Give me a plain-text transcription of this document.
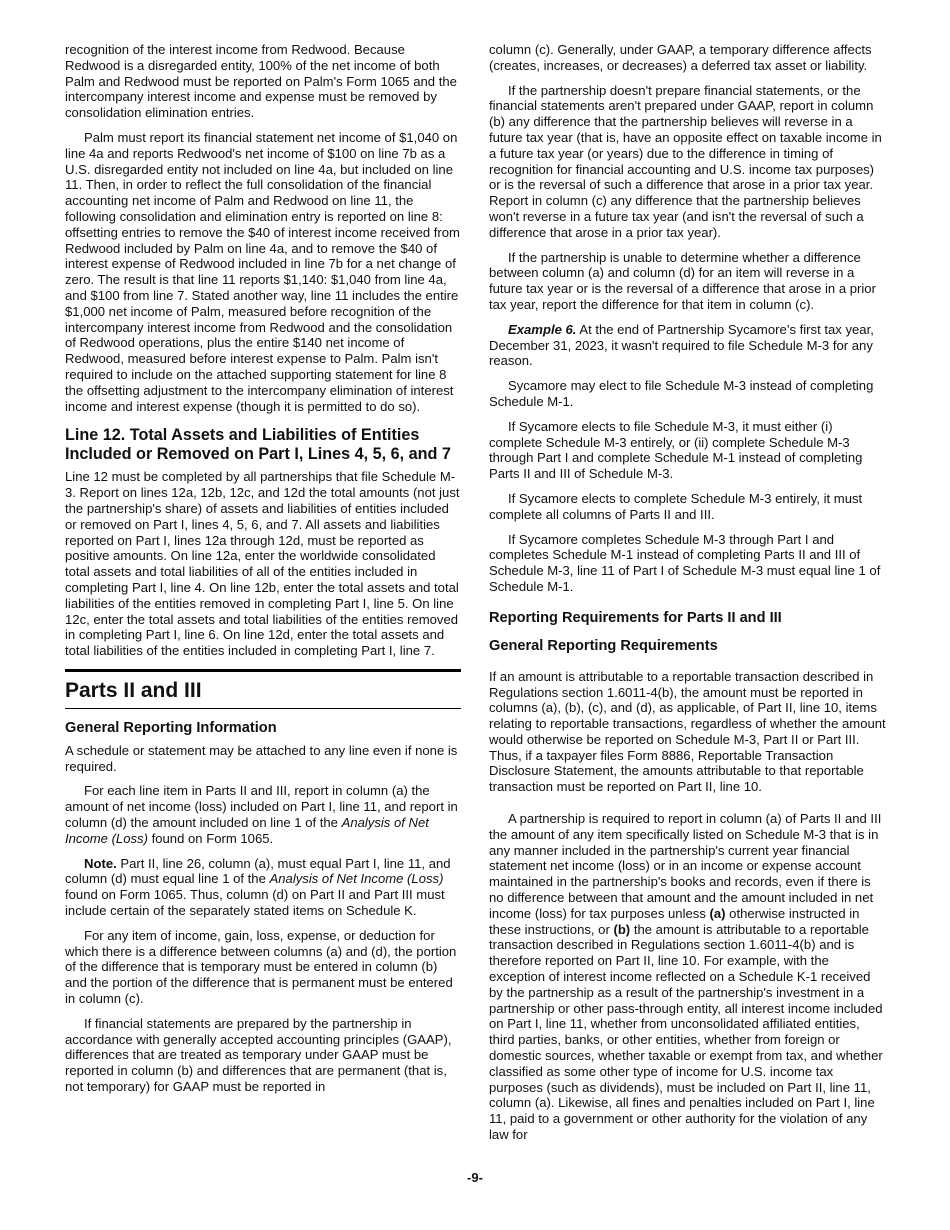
recognition of the interest income from Redwood. Because Redwood is a disregarded entity, 100% of the net income of both Palm and Redwood must be reported on Palm's Form 1065 and the intercompany interest income and expense must be removed by consolidation elimination entries.

Palm must report its financial statement net income of $1,040 on line 4a and reports Redwood's net income of $100 on line 7b as a U.S. disregarded entity not included on line 4a, but included on line 11. Then, in order to reflect the full consolidation of the financial accounting net income of Palm and Redwood on line 11, the following consolidation and elimination entry is reported on line 8: offsetting entries to remove the $40 of interest income received from Redwood included by Palm on line 4a, and to remove the $40 of interest expense of Redwood included in line 7b for a net change of zero. The result is that line 11 reports $1,140: $1,040 from line 4a, and $100 from line 7. Stated another way, line 11 includes the entire $1,000 net income of Palm, measured before recognition of the intercompany interest income from Redwood and the consolidation of Redwood operations, plus the entire $140 net income of Redwood, measured before interest expense to Palm. Palm isn't required to include on the attached supporting statement for line 8 the offsetting adjustment to the intercompany elimination of interest income and interest expense (though it is permitted to do so).

Line 12. Total Assets and Liabilities of Entities Included or Removed on Part I, Lines 4, 5, 6, and 7

Line 12 must be completed by all partnerships that file Schedule M-3. Report on lines 12a, 12b, 12c, and 12d the total amounts (not just the partnership's share) of assets and liabilities of entities included or removed on Part I, lines 4, 5, 6, and 7. All assets and liabilities reported on Part I, lines 12a through 12d, must be reported as positive amounts. On line 12a, enter the worldwide consolidated total assets and total liabilities of all of the entities included in completing Part I, line 4. On line 12b, enter the total assets and total liabilities of the entities removed in completing Part I, line 5. On line 12c, enter the total assets and total liabilities of the entities removed in completing Part I, line 6. On line 12d, enter the total assets and total liabilities of the entities included in completing Part I, line 7.

Parts II and III
General Reporting Information

A schedule or statement may be attached to any line even if none is required.

For each line item in Parts II and III, report in column (a) the amount of net income (loss) included on Part I, line 11, and report in column (d) the amount included on line 1 of the Analysis of Net Income (Loss) found on Form 1065.

Note. Part II, line 26, column (a), must equal Part I, line 11, and column (d) must equal line 1 of the Analysis of Net Income (Loss) found on Form 1065. Thus, column (d) on Part II and Part III must include certain of the separately stated items on Schedule K.

For any item of income, gain, loss, expense, or deduction for which there is a difference between columns (a) and (d), the portion of the difference that is temporary must be entered in column (b) and the portion of the difference that is permanent must be entered in column (c).

If financial statements are prepared by the partnership in accordance with generally accepted accounting principles (GAAP), differences that are treated as temporary under GAAP must be reported in column (b) and differences that are permanent (that is, not temporary) for GAAP must be reported in

column (c). Generally, under GAAP, a temporary difference affects (creates, increases, or decreases) a deferred tax asset or liability.

If the partnership doesn't prepare financial statements, or the financial statements aren't prepared under GAAP, report in column (b) any difference that the partnership believes will reverse in a future tax year (that is, have an opposite effect on taxable income in a future tax year (or years) due to the difference in timing of recognition for financial accounting and U.S. income tax purposes) or is the reversal of such a difference that arose in a prior tax year. Report in column (c) any difference that the partnership believes won't reverse in a future tax year (and isn't the reversal of such a difference that arose in a prior tax year).

If the partnership is unable to determine whether a difference between column (a) and column (d) for an item will reverse in a future tax year or is the reversal of a difference that arose in a prior tax year, report the difference for that item in column (c).

Example 6. At the end of Partnership Sycamore’s first tax year, December 31, 2023, it wasn't required to file Schedule M-3 for any reason.

Sycamore may elect to file Schedule M-3 instead of completing Schedule M-1.

If Sycamore elects to file Schedule M-3, it must either (i) complete Schedule M-3 entirely, or (ii) complete Schedule M-3 through Part I and complete Schedule M-1 instead of completing Parts II and III of Schedule M-3.

If Sycamore elects to complete Schedule M-3 entirely, it must complete all columns of Parts II and III.

If Sycamore completes Schedule M-3 through Part I and completes Schedule M-1 instead of completing Parts II and III of Schedule M-3, line 11 of Part I of Schedule M-3 must equal line 1 of Schedule M-1.

Reporting Requirements for Parts II and III
General Reporting Requirements

If an amount is attributable to a reportable transaction described in Regulations section 1.6011-4(b), the amount must be reported in columns (a), (b), (c), and (d), as applicable, of Part II, line 10, items relating to reportable transactions, regardless of whether the amount would otherwise be reported on Schedule M-3, Part II or Part III. Thus, if a taxpayer files Form 8886, Reportable Transaction Disclosure Statement, the amounts attributable to that reportable transaction must be reported on Part II, line 10.

A partnership is required to report in column (a) of Parts II and III the amount of any item specifically listed on Schedule M-3 that is in any manner included in the partnership's current year financial statement net income (loss) or in an income or expense account maintained in the partnership's books and records, even if there is no difference between that amount and the amount included in net income (loss) for tax purposes unless (a) otherwise instructed in these instructions, or (b) the amount is attributable to a reportable transaction described in Regulations section 1.6011-4(b) and is therefore reported on Part II, line 10. For example, with the exception of interest income reflected on a Schedule K-1 received by the partnership as a result of the partnership's investment in a partnership or other pass-through entity, all interest income included on Part I, line 11, whether from unconsolidated affiliated entities, third parties, banks, or other entities, whether from foreign or domestic sources, whether taxable or exempt from tax, and whether classified as some other type of income for U.S. income tax purposes (such as dividends), must be included on Part II, line 11, column (a). Likewise, all fines and penalties included on Part I, line 11, paid to a government or other authority for the violation of any law for

-9-
